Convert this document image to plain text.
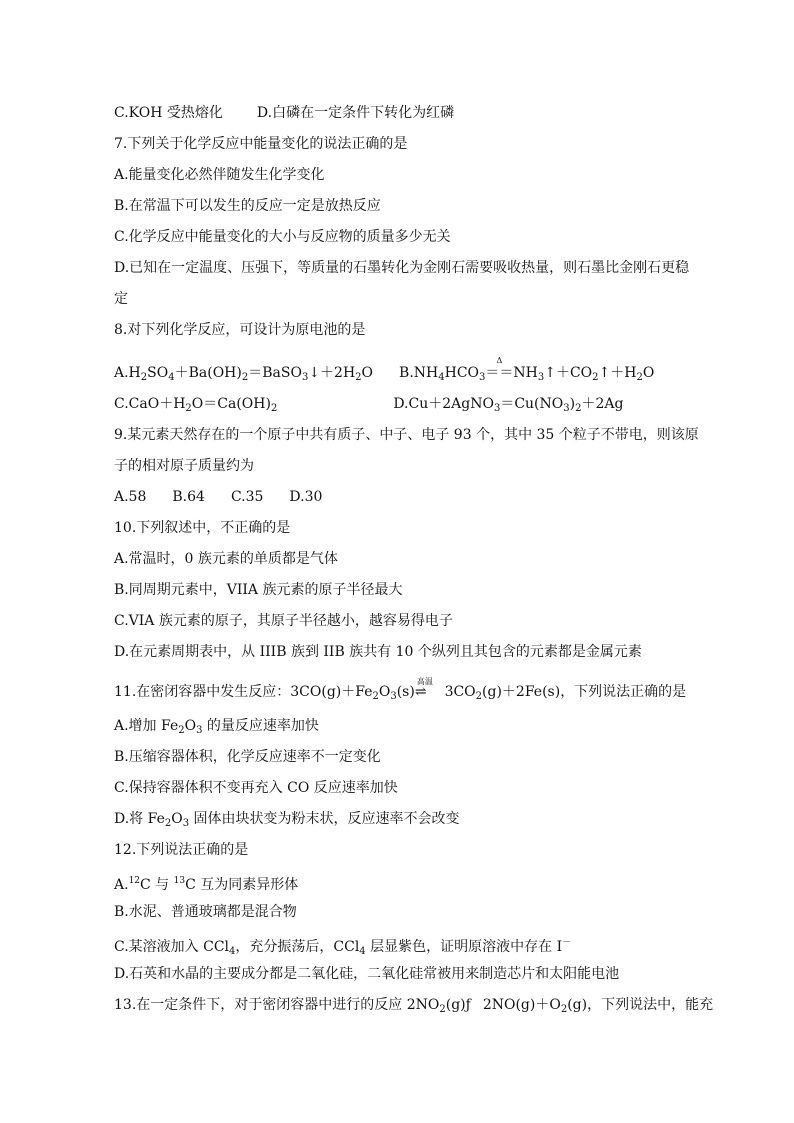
C.KOH 受热熔化 D.白磷在一定条件下转化为红磷
7.下列关于化学反应中能量变化的说法正确的是
A.能量变化必然伴随发生化学变化
B.在常温下可以发生的反应一定是放热反应
C.化学反应中能量变化的大小与反应物的质量多少无关
D.已知在一定温度、压强下，等质量的石墨转化为金刚石需要吸收热量，则石墨比金刚石更稳
定
8.对下列化学反应，可设计为原电池的是
$A.H_2SO_4+Ba(OH)_2=BaSO_3↓+2H_2O$ $B.NH_4HCO_3==$
Δ
$NH_3↑+CO_2↑+H_2O$
$C.CaO+H_2O=Ca(OH)_2$	$D.Cu+2AgNO_3=Cu(NO_3)_2+2Ag$
9.某元素天然存在的一个原子中共有质子、中子、电子 93 个，其中 35 个粒子不带电，则该原
子的相对原子质量约为
A.58 B.64 C.35 D.30
10.下列叙述中，不正确的是
A.常温时，0 族元素的单质都是气体
B.同周期元素中，VIIA 族元素的原子半径最大
C.VIA 族元素的原子，其原子半径越小，越容易得电子
D.在元素周期表中，从 IIIB 族到 IIB 族共有 10 个纵列且其包含的元素都是金属元素
11.在密闭容器中发生反应：$3CO(g)+Fe_2O_3(s)\rightleftharpoons$
高温
$3CO_2(g)+2Fe(s)$，下列说法正确的是
A.增加 $Fe_2O_3$ 的量反应速率加快
B.压缩容器体积，化学反应速率不一定变化
C.保持容器体积不变再充入 CO 反应速率加快
D.将 $Fe_2O_3$ 固体由块状变为粉末状，反应速率不会改变
12.下列说法正确的是
A.$^{12}$C 与 $^{13}$C 互为同素异形体
B.水泥、普通玻璃都是混合物
C.某溶液加入 CCl$_4$，充分振荡后，CCl$_4$ 层显紫色，证明原溶液中存在 I－
D.石英和水晶的主要成分都是二氧化硅，二氧化硅常被用来制造芯片和太阳能电池
13.在一定条件下，对于密闭容器中进行的反应 $2NO_2(g)ƒ$ $2NO(g)+O_2(g)$，下列说法中，能充
